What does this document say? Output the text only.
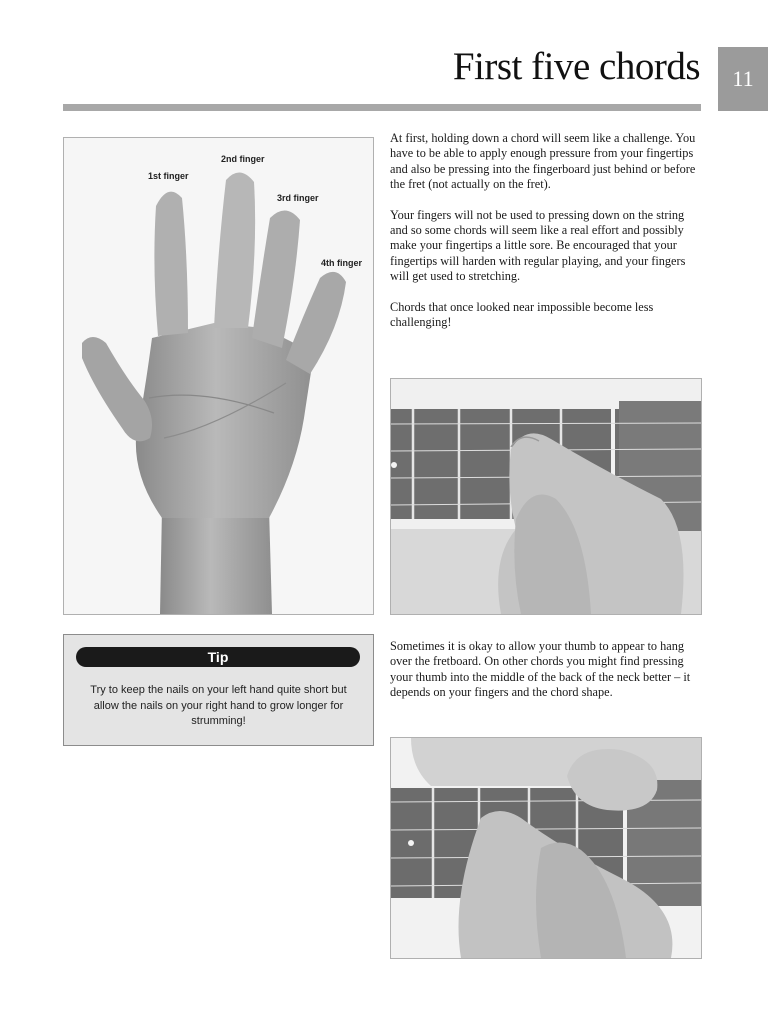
First five chords	11
1st finger
2nd finger
3rd finger
4th finger

At first, holding down a chord will seem like a challenge. You have to be able to apply enough pressure from your fingertips and also be pressing into the fingerboard just behind or before the fret (not actually on the fret).

Your fingers will not be used to pressing down on the string and so some chords will seem like a real effort and possibly make your fingertips a little sore. Be encouraged that your fingertips will harden with regular playing, and your fingers will get used to stretching.

Chords that once looked near impossible become less challenging!

Tip
Try to keep the nails on your left hand quite short but allow the nails on your right hand to grow longer for strumming!

Sometimes it is okay to allow your thumb to appear to hang over the fretboard. On other chords you might find pressing your thumb into the middle of the back of the neck better – it depends on your fingers and the chord shape.
